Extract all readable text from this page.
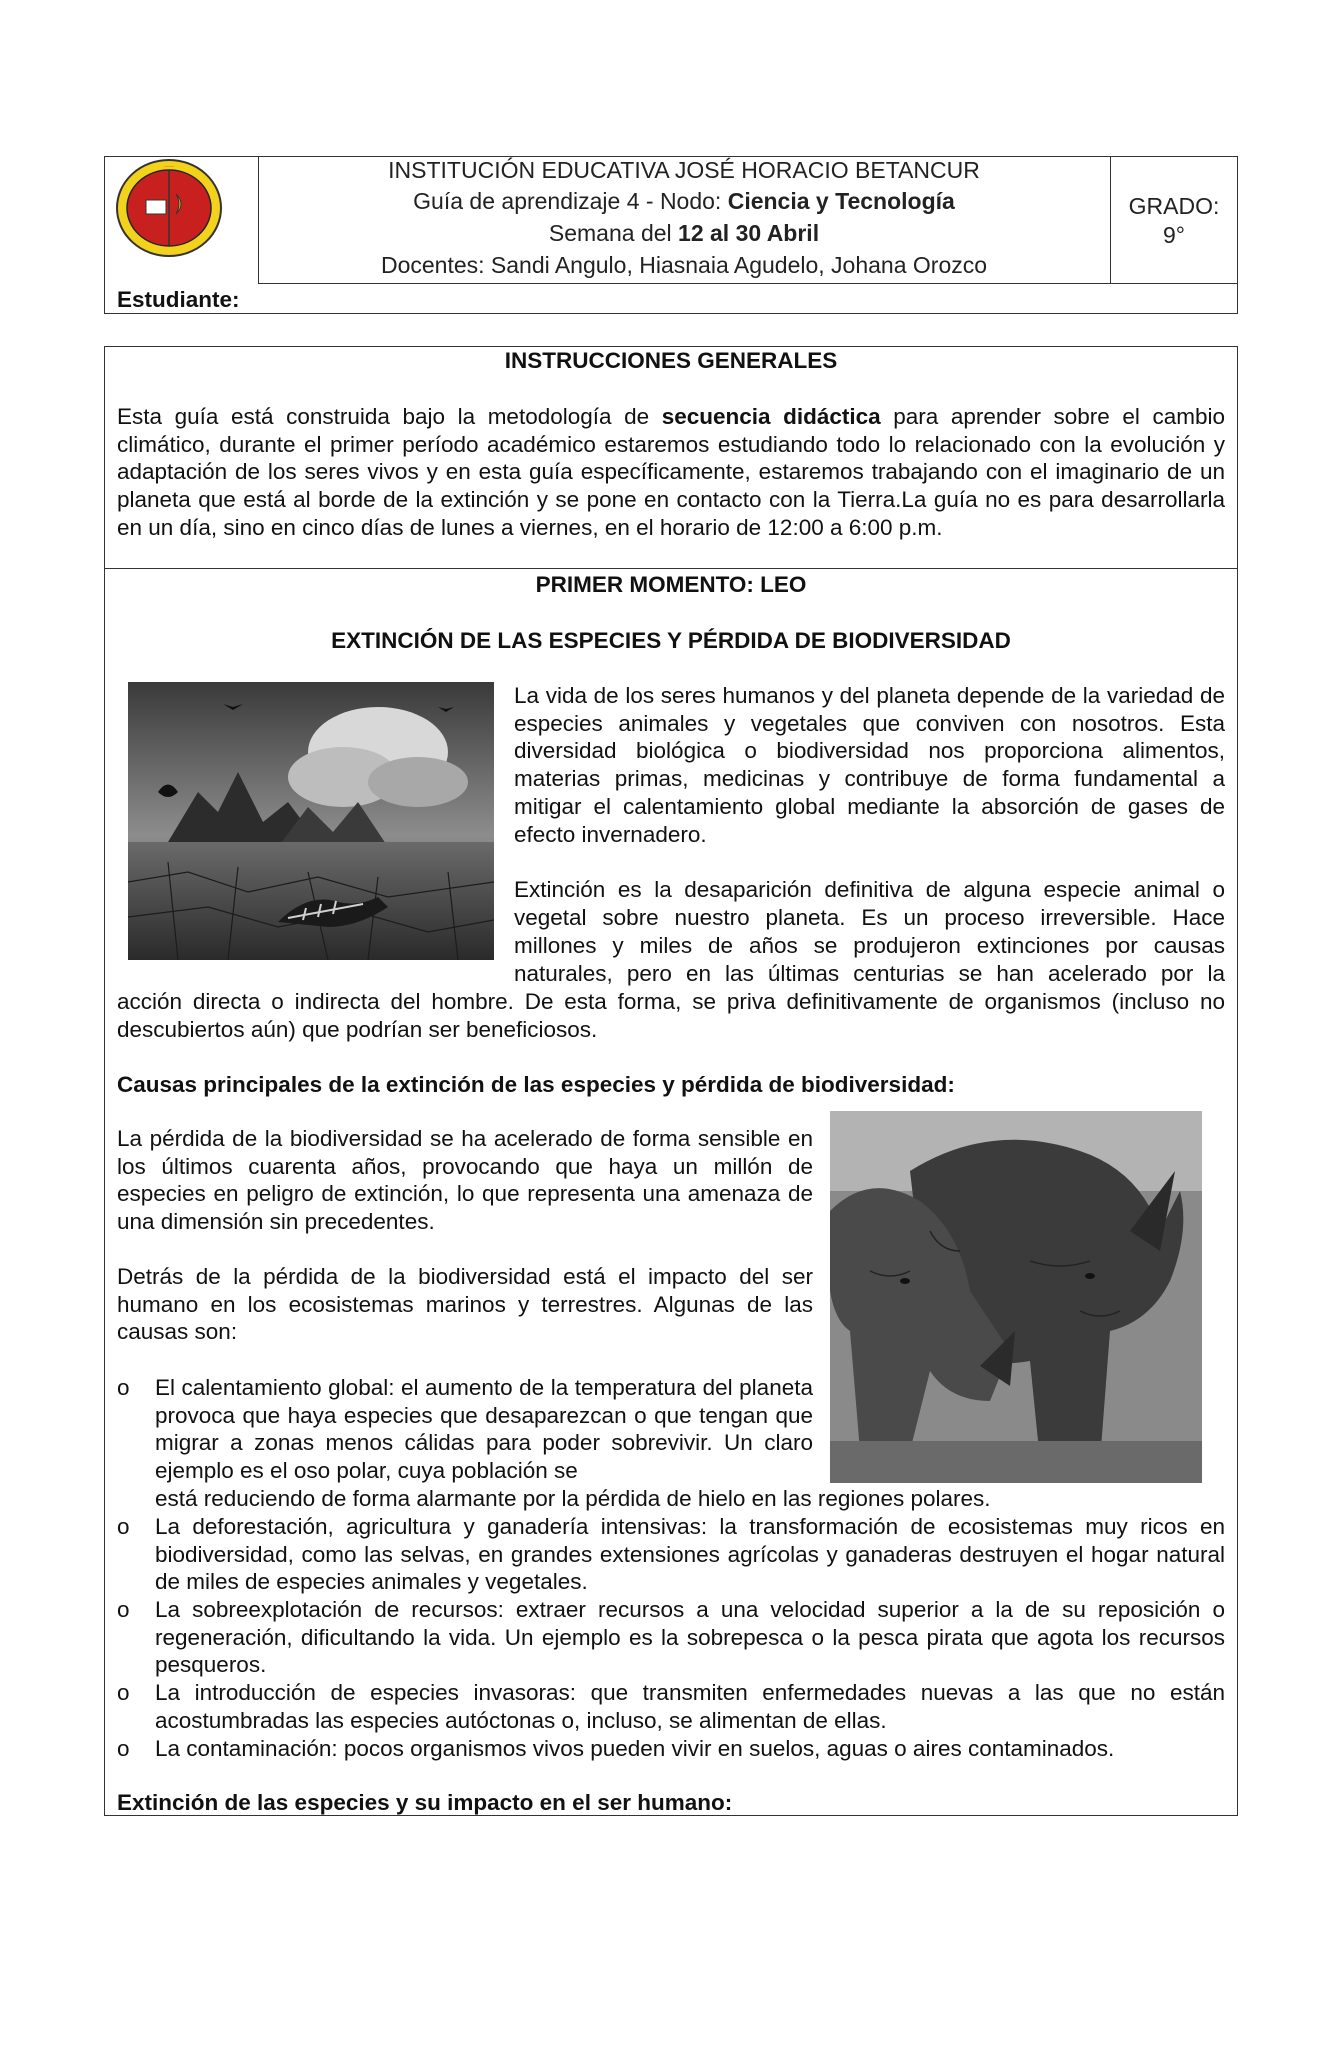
·····	INSTITUCIÓN EDUCATIVA JOSÉ HORACIO BETANCUR
Guía de aprendizaje 4 - Nodo: Ciencia y Tecnología
Semana del 12 al 30 Abril
Docentes: Sandi Angulo, Hiasnaia Agudelo, Johana Orozco
GRADO:
9°
Estudiante:
INSTRUCCIONES GENERALES
Esta guía está construida bajo la metodología de secuencia didáctica para aprender sobre el cambio climático, durante el primer período académico estaremos estudiando todo lo relacionado con la evolución y adaptación de los seres vivos y en esta guía específicamente, estaremos trabajando con el imaginario de un planeta que está al borde de la extinción y se pone en contacto con la Tierra.La guía no es para desarrollarla en un día, sino en cinco días de lunes a viernes, en el horario de 12:00 a 6:00 p.m.
PRIMER MOMENTO: LEO
EXTINCIÓN DE LAS ESPECIES Y PÉRDIDA DE BIODIVERSIDAD
La vida de los seres humanos y del planeta depende de la variedad de especies animales y vegetales que conviven con nosotros. Esta diversidad biológica o biodiversidad nos proporciona alimentos, materias primas, medicinas y contribuye de forma fundamental a mitigar el calentamiento global mediante la absorción de gases de efecto invernadero.
Extinción es la desaparición definitiva de alguna especie animal o
vegetal sobre nuestro planeta. Es un proceso irreversible. Hace
millones y miles de años se produjeron extinciones por causas
naturales, pero en las últimas centurias se han acelerado por la
acción directa o indirecta del hombre. De esta forma, se priva definitivamente de organismos (incluso no descubiertos aún) que podrían ser beneficiosos.
Causas principales de la extinción de las especies y pérdida de biodiversidad:
La pérdida de la biodiversidad se ha acelerado de forma sensible en los últimos cuarenta años, provocando que haya un millón de especies en peligro de extinción, lo que representa una amenaza de una dimensión sin precedentes.
Detrás de la pérdida de la biodiversidad está el impacto del ser humano en los ecosistemas marinos y terrestres. Algunas de las causas son:
o El calentamiento global: el aumento de la temperatura del planeta provoca que haya especies que desaparezcan o que tengan que migrar a zonas menos cálidas para poder sobrevivir. Un claro ejemplo es el oso polar, cuya población se
está reduciendo de forma alarmante por la pérdida de hielo en las regiones polares.
o La deforestación, agricultura y ganadería intensivas: la transformación de ecosistemas muy ricos en biodiversidad, como las selvas, en grandes extensiones agrícolas y ganaderas destruyen el hogar natural de miles de especies animales y vegetales.
o La sobreexplotación de recursos: extraer recursos a una velocidad superior a la de su reposición o regeneración, dificultando la vida. Un ejemplo es la sobrepesca o la pesca pirata que agota los recursos pesqueros.
o La introducción de especies invasoras: que transmiten enfermedades nuevas a las que no están acostumbradas las especies autóctonas o, incluso, se alimentan de ellas.
o La contaminación: pocos organismos vivos pueden vivir en suelos, aguas o aires contaminados.
Extinción de las especies y su impacto en el ser humano:
